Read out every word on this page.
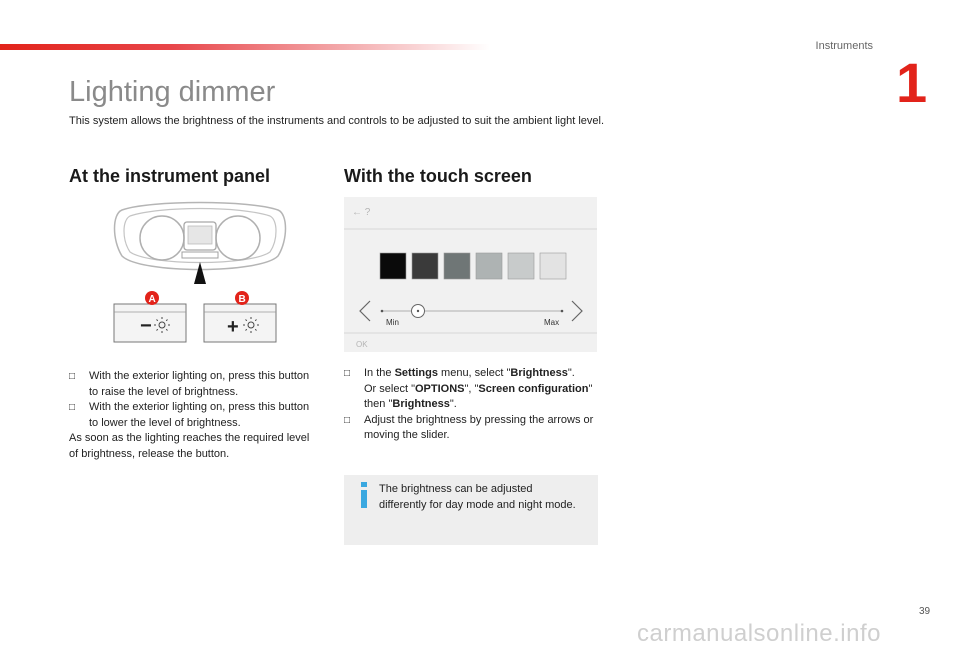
Instruments
1
Lighting dimmer
This system allows the brightness of the instruments and controls to be adjusted to suit the ambient light level.
At the instrument panel
−
A
+
B
□ With the exterior lighting on, press this button to raise the level of brightness.
□ With the exterior lighting on, press this button to lower the level of brightness.
As soon as the lighting reaches the required level of brightness, release the button.
With the touch screen
← ?
Min	Max
OK
□ In the Settings menu, select "Brightness".
Or select "OPTIONS", "Screen configuration" then "Brightness".
□ Adjust the brightness by pressing the arrows or moving the slider.
The brightness can be adjusted differently for day mode and night mode.
39
carmanualsonline.info
